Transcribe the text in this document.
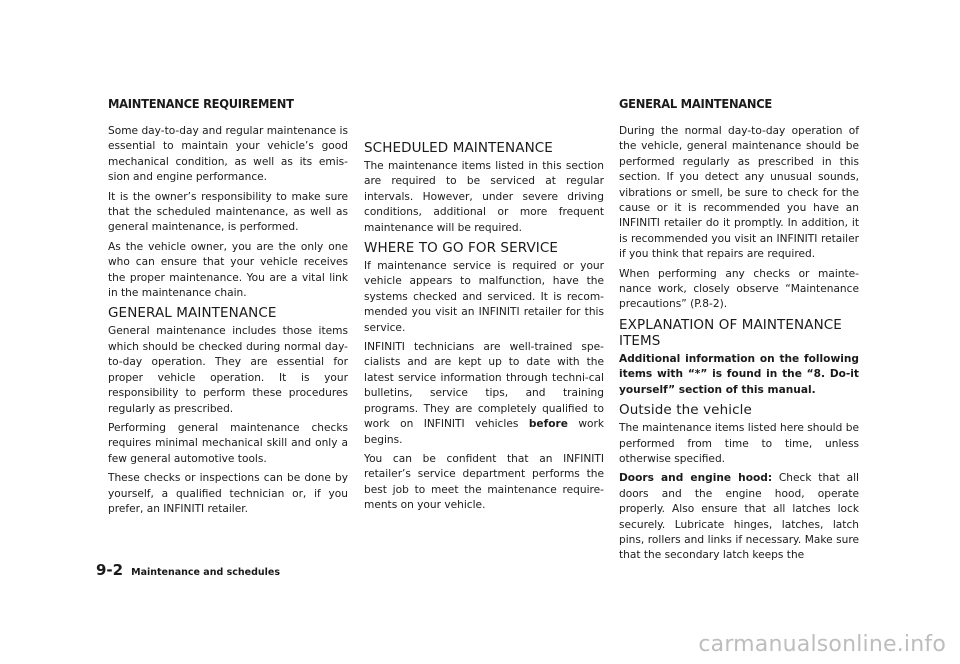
MAINTENANCE REQUIREMENT

Some day-to-day and regular maintenance is essential to maintain your vehicle’s good mechanical condition, as well as its emis-sion and engine performance.

It is the owner’s responsibility to make sure that the scheduled maintenance, as well as general maintenance, is performed.

As the vehicle owner, you are the only one who can ensure that your vehicle receives the proper maintenance. You are a vital link in the maintenance chain.

GENERAL MAINTENANCE

General maintenance includes those items which should be checked during normal day-to-day operation. They are essential for proper vehicle operation. It is your responsibility to perform these procedures regularly as prescribed.

Performing general maintenance checks requires minimal mechanical skill and only a few general automotive tools.

These checks or inspections can be done by yourself, a qualified technician or, if you prefer, an INFINITI retailer.

SCHEDULED MAINTENANCE

The maintenance items listed in this section are required to be serviced at regular intervals. However, under severe driving conditions, additional or more frequent maintenance will be required.

WHERE TO GO FOR SERVICE

If maintenance service is required or your vehicle appears to malfunction, have the systems checked and serviced. It is recom-mended you visit an INFINITI retailer for this service.

INFINITI technicians are well-trained spe-cialists and are kept up to date with the latest service information through techni-cal bulletins, service tips, and training programs. They are completely qualified to work on INFINITI vehicles before work begins.

You can be confident that an INFINITI retailer’s service department performs the best job to meet the maintenance require-ments on your vehicle.

GENERAL MAINTENANCE

During the normal day-to-day operation of the vehicle, general maintenance should be performed regularly as prescribed in this section. If you detect any unusual sounds, vibrations or smell, be sure to check for the cause or it is recommended you have an INFINITI retailer do it promptly. In addition, it is recommended you visit an INFINITI retailer if you think that repairs are required.

When performing any checks or mainte-nance work, closely observe “Maintenance precautions” (P.8-2).

EXPLANATION OF MAINTENANCE ITEMS

Additional information on the following items with “*” is found in the “8. Do-it yourself” section of this manual.

Outside the vehicle

The maintenance items listed here should be performed from time to time, unless otherwise specified.

Doors and engine hood: Check that all doors and the engine hood, operate properly. Also ensure that all latches lock securely. Lubricate hinges, latches, latch pins, rollers and links if necessary. Make sure that the secondary latch keeps the

9-2 Maintenance and schedules
carmanualsonline.info
